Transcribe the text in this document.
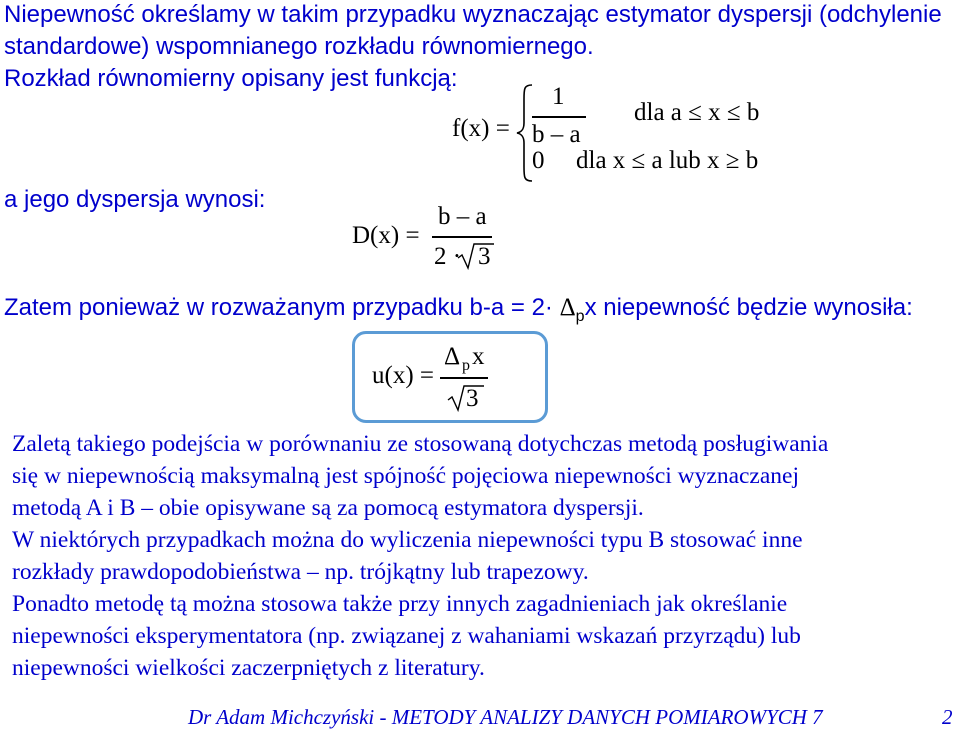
Niepewność określamy w takim przypadku wyznaczając estymator dyspersji (odchylenie
standardowe) wspomnianego rozkładu równomiernego.
Rozkład równomierny opisany jest funkcją:
f(x) =
1
b – a
dla a ≤ x ≤ b
0 dla x ≤ a lub x ≥ b
a jego dyspersja wynosi:
D(x) =
b – a
2 · 3
Zatem ponieważ w rozważanym przypadku $b-a = 2\cdot \Delta_px$ niepewność będzie wynosiła:
u(x) =
Δ p x
3
Zaletą takiego podejścia w porównaniu ze stosowaną dotychczas metodą posługiwania
się w niepewnością maksymalną jest spójność pojęciowa niepewności wyznaczanej
metodą A i B – obie opisywane są za pomocą estymatora dyspersji.
W niektórych przypadkach można do wyliczenia niepewności typu B stosować inne
rozkłady prawdopodobieństwa – np. trójkątny lub trapezowy.
Ponadto metodę tą można stosowa także przy innych zagadnieniach jak określanie
niepewności eksperymentatora (np. związanej z wahaniami wskazań przyrządu) lub
niepewności wielkości zaczerpniętych z literatury.
Dr Adam Michczyński - METODY ANALIZY DANYCH POMIAROWYCH 7	2
